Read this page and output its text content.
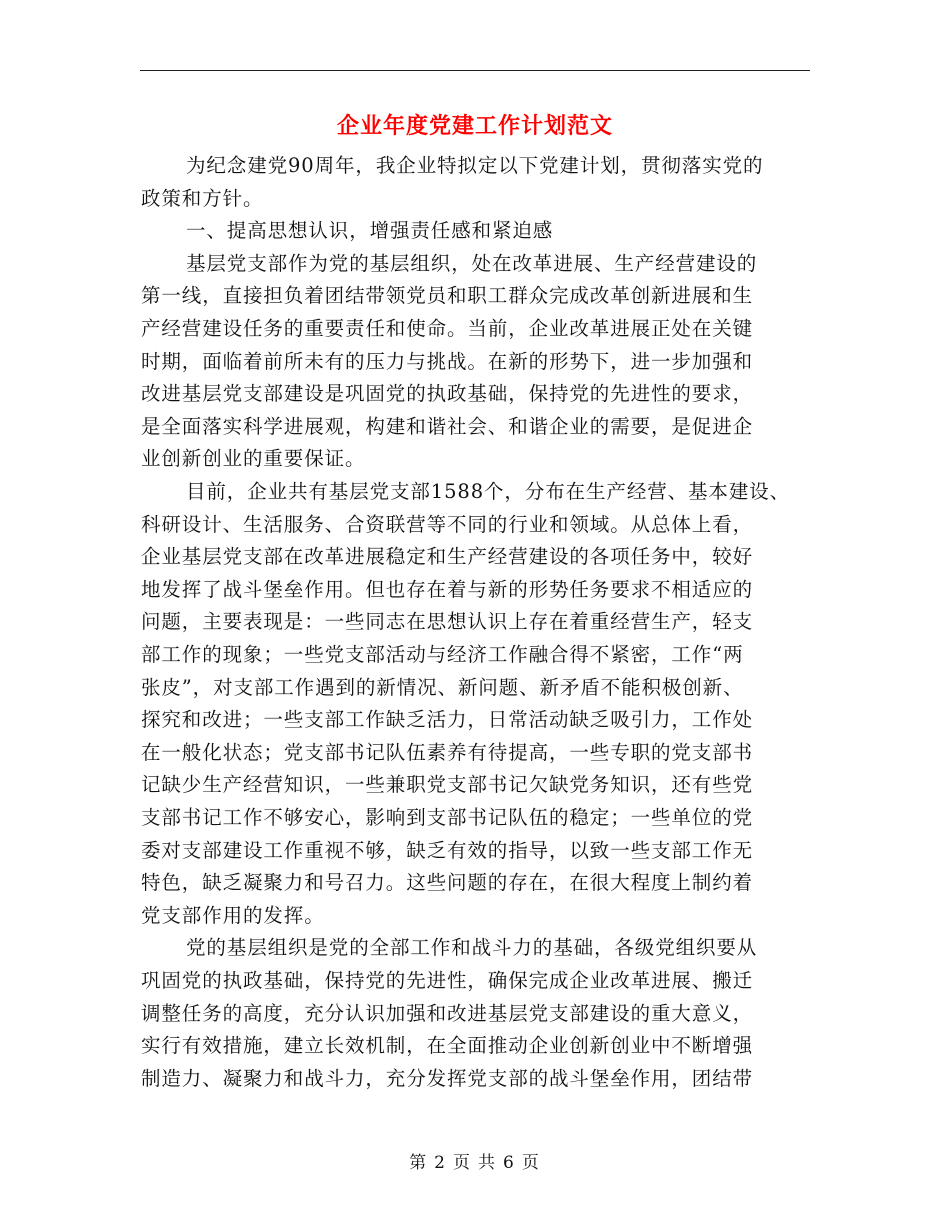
企业年度党建工作计划范文
为纪念建党90周年，我企业特拟定以下党建计划，贯彻落实党的
政策和方针。
一、提高思想认识，增强责任感和紧迫感
基层党支部作为党的基层组织，处在改革进展、生产经营建设的
第一线，直接担负着团结带领党员和职工群众完成改革创新进展和生
产经营建设任务的重要责任和使命。当前，企业改革进展正处在关键
时期，面临着前所未有的压力与挑战。在新的形势下，进一步加强和
改进基层党支部建设是巩固党的执政基础，保持党的先进性的要求，
是全面落实科学进展观，构建和谐社会、和谐企业的需要，是促进企
业创新创业的重要保证。
目前，企业共有基层党支部1588个，分布在生产经营、基本建设、
科研设计、生活服务、合资联营等不同的行业和领域。从总体上看，
企业基层党支部在改革进展稳定和生产经营建设的各项任务中，较好
地发挥了战斗堡垒作用。但也存在着与新的形势任务要求不相适应的
问题，主要表现是：一些同志在思想认识上存在着重经营生产，轻支
部工作的现象；一些党支部活动与经济工作融合得不紧密，工作“两
张皮”，对支部工作遇到的新情况、新问题、新矛盾不能积极创新、
探究和改进；一些支部工作缺乏活力，日常活动缺乏吸引力，工作处
在一般化状态；党支部书记队伍素养有待提高，一些专职的党支部书
记缺少生产经营知识，一些兼职党支部书记欠缺党务知识，还有些党
支部书记工作不够安心，影响到支部书记队伍的稳定；一些单位的党
委对支部建设工作重视不够，缺乏有效的指导，以致一些支部工作无
特色，缺乏凝聚力和号召力。这些问题的存在，在很大程度上制约着
党支部作用的发挥。
党的基层组织是党的全部工作和战斗力的基础，各级党组织要从
巩固党的执政基础，保持党的先进性，确保完成企业改革进展、搬迁
调整任务的高度，充分认识加强和改进基层党支部建设的重大意义，
实行有效措施，建立长效机制，在全面推动企业创新创业中不断增强
制造力、凝聚力和战斗力，充分发挥党支部的战斗堡垒作用，团结带
第 2 页 共 6 页
